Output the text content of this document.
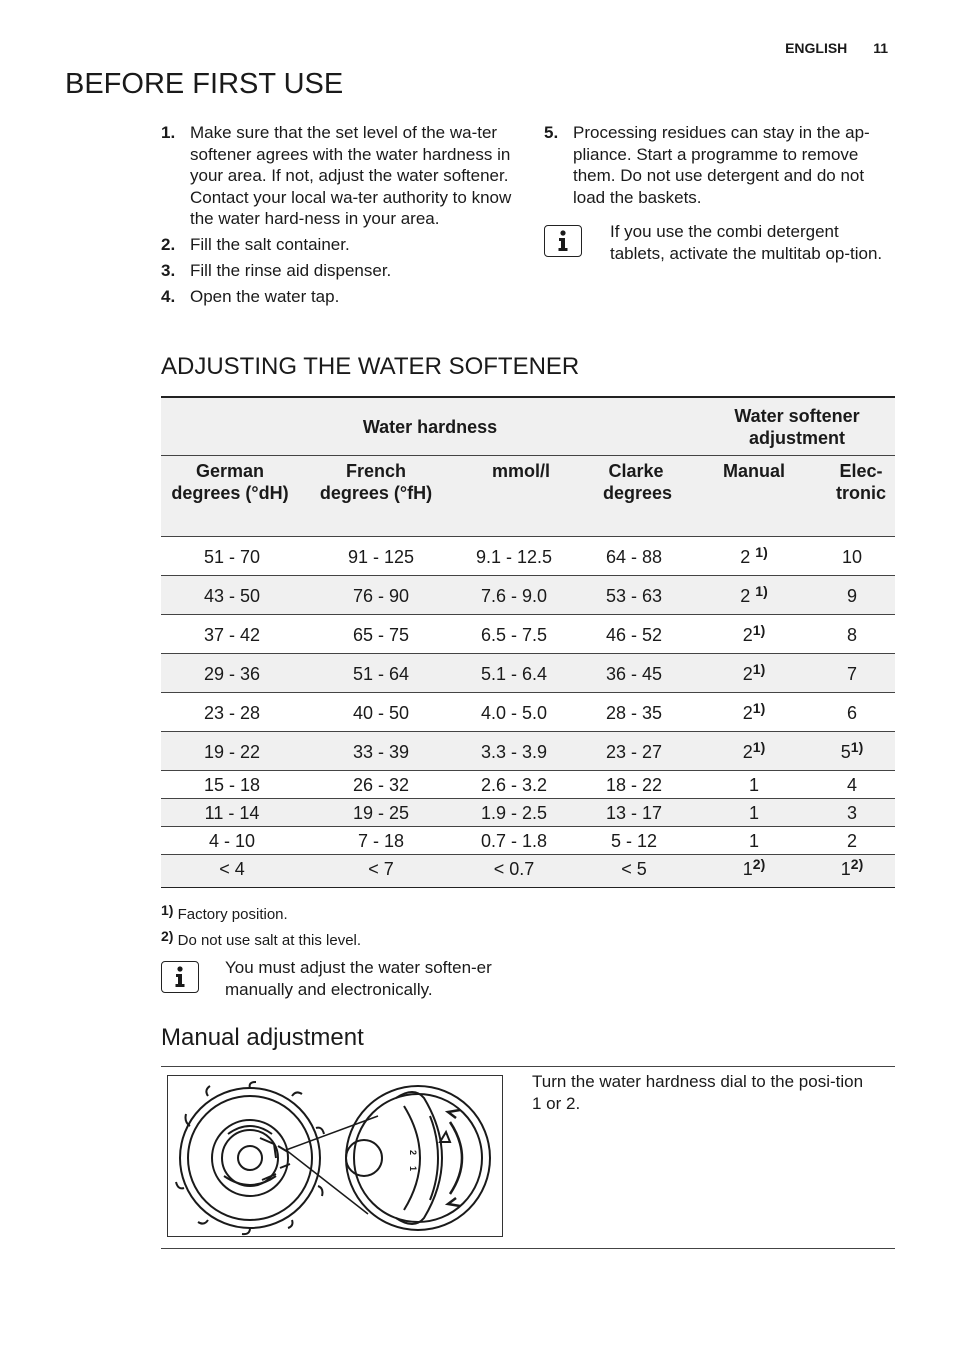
ENGLISH 11
BEFORE FIRST USE
1. Make sure that the set level of the wa-ter softener agrees with the water hardness in your area. If not, adjust the water softener. Contact your local wa-ter authority to know the water hard-ness in your area.
2. Fill the salt container.
3. Fill the rinse aid dispenser.
4. Open the water tap.
5. Processing residues can stay in the ap-pliance. Start a programme to remove them. Do not use detergent and do not load the baskets.
If you use the combi detergent tablets, activate the multitab op-tion.
ADJUSTING THE WATER SOFTENER
Water hardness				Water softener adjustment	
German degrees (°dH)	French degrees (°fH)	mmol/l	Clarke degrees	Manual	Elec-tronic
51 - 70	91 - 125	9.1 - 12.5	64 - 88	2 $^{1)}$	10
43 - 50	76 - 90	7.6 - 9.0	53 - 63	2 $^{1)}$	9
37 - 42	65 - 75	6.5 - 7.5	46 - 52	2$^{1)}$	8
29 - 36	51 - 64	5.1 - 6.4	36 - 45	2$^{1)}$	7
23 - 28	40 - 50	4.0 - 5.0	28 - 35	2$^{1)}$	6
19 - 22	33 - 39	3.3 - 3.9	23 - 27	2$^{1)}$	5$^{1)}$
15 - 18	26 - 32	2.6 - 3.2	18 - 22	1	4
11 - 14	19 - 25	1.9 - 2.5	13 - 17	1	3
4 - 10	7 - 18	0.7 - 1.8	5 - 12	1	2
< 4	< 7	< 0.7	< 5	1$^{2)}$	1$^{2)}$
1) Factory position.
2) Do not use salt at this level.
You must adjust the water soften-er manually and electronically.
Manual adjustment
2
1
Turn the water hardness dial to the posi-tion 1 or 2.
